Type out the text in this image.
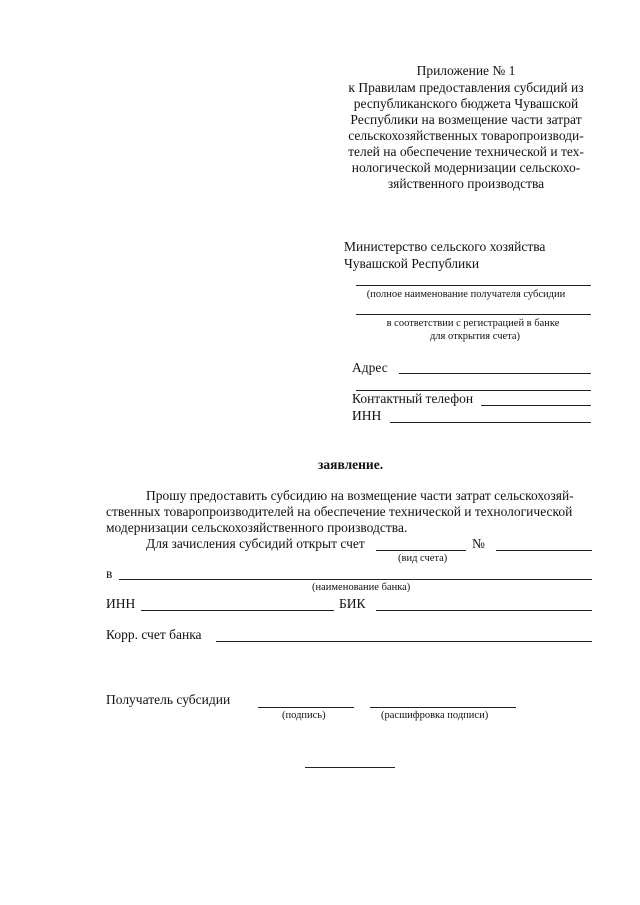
Приложение № 1
к Правилам предоставления субсидий из
республиканского бюджета Чувашской
Республики на возмещение части затрат
сельскохозяйственных товаропроизводи-
телей на обеспечение технической и тех-
нологической модернизации сельскохо-
зяйственного производства
Министерство сельского хозяйства
Чувашской Республики
(полное наименование получателя субсидии
в соответствии с регистрацией в банке
для открытия счета)
Адрес
Контактный телефон
ИНН
заявление.
Прошу предоставить субсидию на возмещение части затрат сельскохозяй-
ственных товаропроизводителей на обеспечение технической и технологической
модернизации сельскохозяйственного производства.
Для зачисления субсидий открыт счет	№
(вид счета)
в
(наименование банка)
ИНН	БИК
Корр. счет банка
Получатель субсидии
(подпись)	(расшифровка подписи)
